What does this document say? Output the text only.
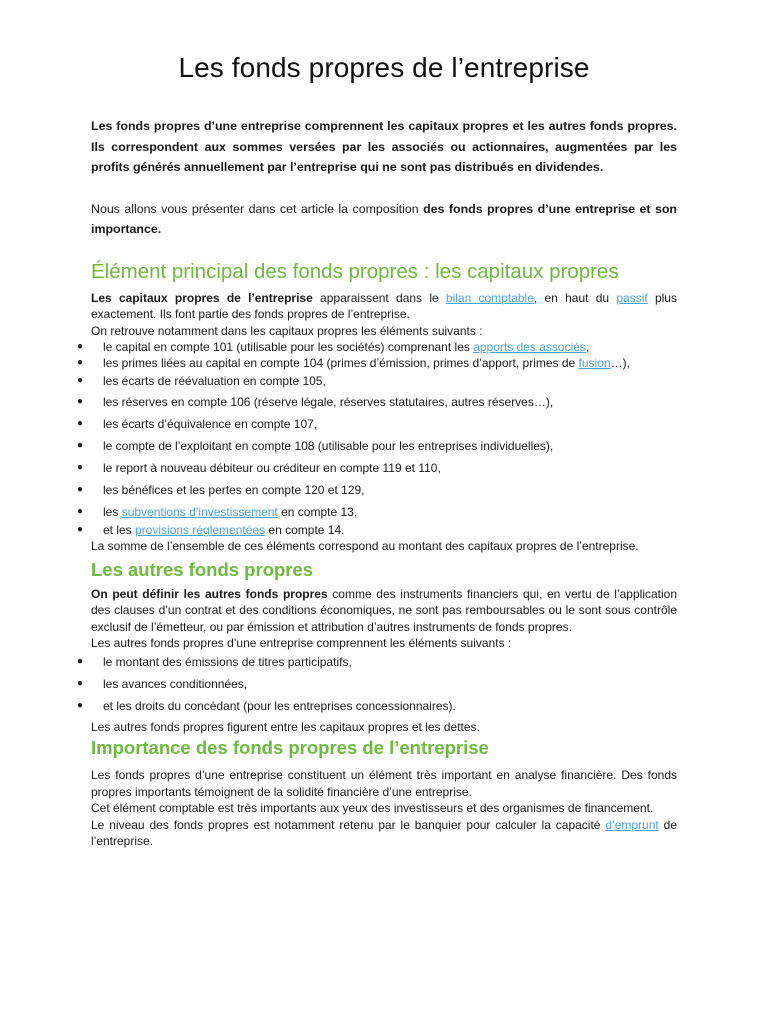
Les fonds propres de l’entreprise

Les fonds propres d’une entreprise comprennent les capitaux propres et les autres fonds propres. Ils correspondent aux sommes versées par les associés ou actionnaires, augmentées par les profits générés annuellement par l’entreprise qui ne sont pas distribués en dividendes.

Nous allons vous présenter dans cet article la composition des fonds propres d’une entreprise et son importance.

Élément principal des fonds propres : les capitaux propres

Les capitaux propres de l’entreprise apparaissent dans le bilan comptable, en haut du passif plus exactement. Ils font partie des fonds propres de l’entreprise.

On retrouve notamment dans les capitaux propres les éléments suivants :

● le capital en compte 101 (utilisable pour les sociétés) comprenant les apports des associés,
● les primes liées au capital en compte 104 (primes d’émission, primes d’apport, primes de fusion…),
● les écarts de réévaluation en compte 105,
● les réserves en compte 106 (réserve légale, réserves statutaires, autres réserves…),
● les écarts d’équivalence en compte 107,
● le compte de l’exploitant en compte 108 (utilisable pour les entreprises individuelles),
● le report à nouveau débiteur ou créditeur en compte 119 et 110,
● les bénéfices et les pertes en compte 120 et 129,
● les subventions d’investissement en compte 13,
● et les provisions réglementées en compte 14.

La somme de l’ensemble de ces éléments correspond au montant des capitaux propres de l’entreprise.

Les autres fonds propres

On peut définir les autres fonds propres comme des instruments financiers qui, en vertu de l’application des clauses d’un contrat et des conditions économiques, ne sont pas remboursables ou le sont sous contrôle exclusif de l’émetteur, ou par émission et attribution d’autres instruments de fonds propres.

Les autres fonds propres d’une entreprise comprennent les éléments suivants :

● le montant des émissions de titres participatifs,
● les avances conditionnées,
● et les droits du concédant (pour les entreprises concessionnaires).

Les autres fonds propres figurent entre les capitaux propres et les dettes.

Importance des fonds propres de l’entreprise

Les fonds propres d’une entreprise constituent un élément très important en analyse financière. Des fonds propres importants témoignent de la solidité financière d’une entreprise.

Cet élément comptable est très importants aux yeux des investisseurs et des organismes de financement.

Le niveau des fonds propres est notamment retenu par le banquier pour calculer la capacité d’emprunt de l’entreprise.
